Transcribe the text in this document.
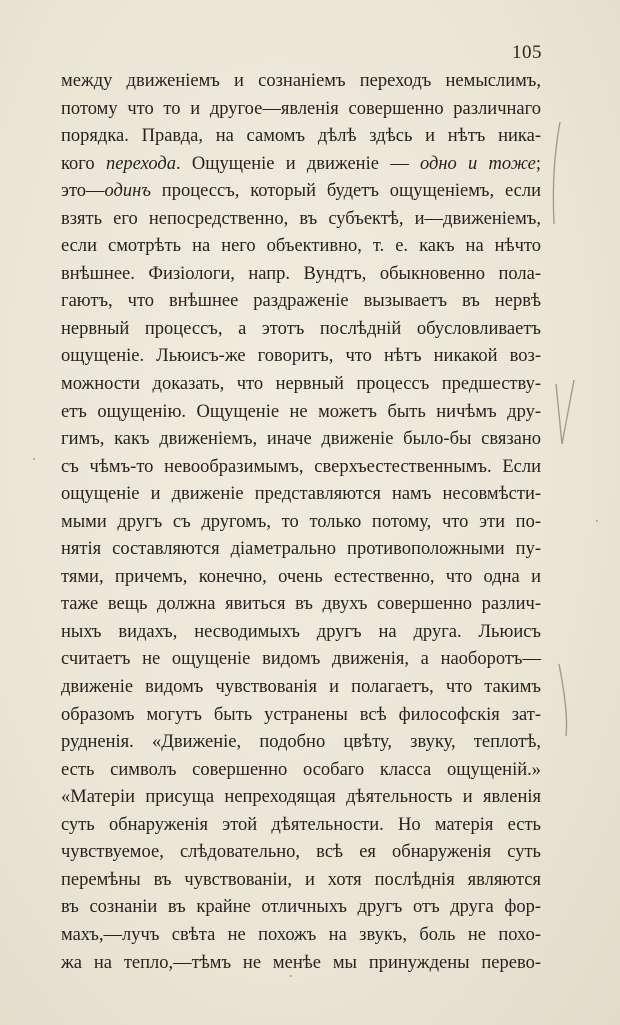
105
между движеніемъ и сознаніемъ переходъ немыслимъ,
потому что то и другое—явленія совершенно различнаго
порядка. Правда, на самомъ дѣлѣ здѣсь и нѣтъ ника-
кого перехода. Ощущеніе и движеніе — одно и тоже;
это—одинъ процессъ, который будетъ ощущеніемъ, если
взять его непосредственно, въ субъектѣ, и—движеніемъ,
если смотрѣть на него объективно, т. е. какъ на нѣчто
внѣшнее. Физіологи, напр. Вундтъ, обыкновенно пола-
гаютъ, что внѣшнее раздраженіе вызываетъ въ нервѣ
нервный процессъ, а этотъ послѣдній обусловливаетъ
ощущеніе. Льюисъ-же говоритъ, что нѣтъ никакой воз-
можности доказать, что нервный процессъ предшеству-
етъ ощущенію. Ощущеніе не можетъ быть ничѣмъ дру-
гимъ, какъ движеніемъ, иначе движеніе было-бы связано
съ чѣмъ-то невообразимымъ, сверхъестественнымъ. Если
ощущеніе и движеніе представляются намъ несовмѣсти-
мыми другъ съ другомъ, то только потому, что эти по-
нятія составляются діаметрально противоположными пу-
тями, причемъ, конечно, очень естественно, что одна и
таже вещь должна явиться въ двухъ совершенно различ-
ныхъ видахъ, несводимыхъ другъ на друга. Льюисъ
считаетъ не ощущеніе видомъ движенія, а наоборотъ—
движеніе видомъ чувствованія и полагаетъ, что такимъ
образомъ могутъ быть устранены всѣ философскія зат-
рудненія. «Движеніе, подобно цвѣту, звуку, теплотѣ,
есть символъ совершенно особаго класса ощущеній.»
«Матеріи присуща непреходящая дѣятельность и явленія
суть обнаруженія этой дѣятельности. Но матерія есть
чувствуемое, слѣдовательно, всѣ ея обнаруженія суть
перемѣны въ чувствованіи, и хотя послѣднія являются
въ сознаніи въ крайне отличныхъ другъ отъ друга фор-
махъ,—лучъ свѣта не похожъ на звукъ, боль не похо-
жа на тепло,—тѣмъ не менѣе мы принуждены перево-
